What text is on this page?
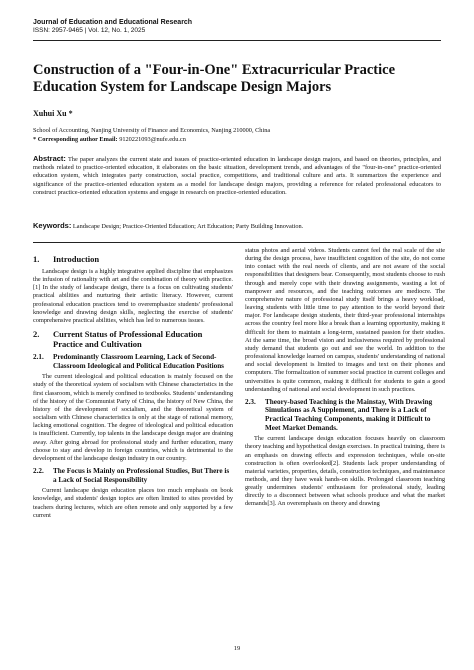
Journal of Education and Educational Research
ISSN: 2957-9465 | Vol. 12, No. 1, 2025
Construction of a "Four-in-One" Extracurricular Practice Education System for Landscape Design Majors
Xuhui Xu *
School of Accounting, Nanjing University of Finance and Economics, Nanjing 210000, China
* Corresponding author Email: 9120221093@nufe.edu.cn

Abstract: The paper analyzes the current state and issues of practice-oriented education in landscape design majors, and based on theories, principles, and methods related to practice-oriented education, it elaborates on the basic situation, development trends, and advantages of the "four-in-one" practice-oriented education system, which integrates party construction, social practice, competitions, and traditional culture and arts. It summarizes the experience and significance of the practice-oriented education system as a model for landscape design majors, providing a reference for related professional educators to construct practice-oriented education systems and engage in research on practice-oriented education.

Keywords: Landscape Design; Practice-Oriented Education; Art Education; Party Building Innovation.

1.	Introduction

Landscape design is a highly integrative applied discipline that emphasizes the infusion of rationality with art and the combination of theory with practice.[1] In the study of landscape design, there is a focus on cultivating students' practical abilities and nurturing their artistic literacy. However, current professional education practices tend to overemphasize students' professional knowledge and drawing design skills, neglecting the exercise of students' comprehensive practical abilities, which has led to numerous issues.

2.	Current Status of Professional Education Practice and Cultivation
2.1.	Predominantly Classroom Learning, Lack of Second-Classroom Ideological and Political Education Positions

The current ideological and political education is mainly focused on the study of the theoretical system of socialism with Chinese characteristics in the first classroom, which is merely confined to textbooks. Students' understanding of the history of the Communist Party of China, the history of New China, the history of the development of socialism, and the theoretical system of socialism with Chinese characteristics is only at the stage of rational memory, lacking emotional cognition. The degree of ideological and political education is insufficient. Currently, top talents in the landscape design major are draining away. After going abroad for professional study and further education, many choose to stay and develop in foreign countries, which is detrimental to the development of the landscape design industry in our country.

2.2.	The Focus is Mainly on Professional Studies, But There is a Lack of Social Responsibility

Current landscape design education places too much emphasis on book knowledge, and students' design topics are often limited to sites provided by teachers during lectures, which are often remote and only supported by a few current

status photos and aerial videos. Students cannot feel the real scale of the site during the design process, have insufficient cognition of the site, do not come into contact with the real needs of clients, and are not aware of the social responsibilities that designers bear. Consequently, most students choose to rush through and merely cope with their drawing assignments, wasting a lot of manpower and resources, and the teaching outcomes are mediocre. The comprehensive nature of professional study itself brings a heavy workload, leaving students with little time to pay attention to the world beyond their major. For landscape design students, their third-year professional internships across the country feel more like a break than a learning opportunity, making it difficult for them to maintain a long-term, sustained passion for their studies. At the same time, the broad vision and inclusiveness required by professional study demand that students go out and see the world. In addition to the professional knowledge learned on campus, students' understanding of national and social development is limited to images and text on their phones and computers. The formalization of summer social practice in current colleges and universities is quite common, making it difficult for students to gain a good understanding of national and social development in such practices.

2.3.	Theory-based Teaching is the Mainstay, With Drawing Simulations as A Supplement, and There is a Lack of Practical Teaching Components, making it Difficult to Meet Market Demands.

The current landscape design education focuses heavily on classroom theory teaching and hypothetical design exercises. In practical training, there is an emphasis on drawing effects and expression techniques, while on-site construction is often overlooked[2]. Students lack proper understanding of material varieties, properties, details, construction techniques, and maintenance methods, and they have weak hands-on skills. Prolonged classroom teaching greatly undermines students' enthusiasm for professional study, leading directly to a disconnect between what schools produce and what the market demands[3]. An overemphasis on theory and drawing

19
